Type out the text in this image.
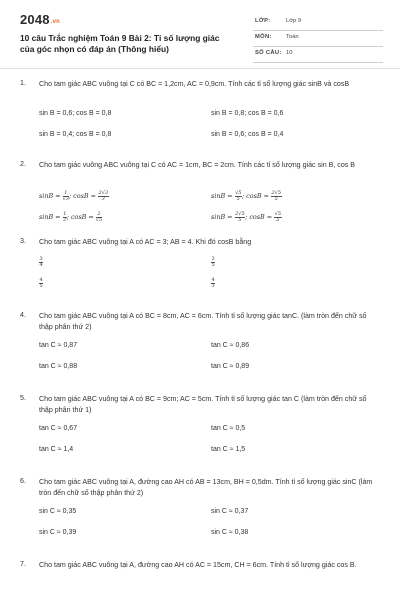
2048.vn
10 câu Trắc nghiệm Toán 9 Bài 2: Tỉ số lượng giác của góc nhọn có đáp án (Thông hiểu)
LỚP:	Lớp 9
MÔN: Toán
SỐ CÂU: 10
1. Cho tam giác ABC vuông tại C có BC = 1,2cm, AC = 0,9cm. Tính các tỉ số lượng giác sinB và cosB
sin B = 0,6; cos B = 0,8	sin B = 0,8; cos B = 0,6
sin B = 0,4; cos B = 0,8	sin B = 0,6; cos B = 0,4
2. Cho tam giác vuông ABC vuông tại C có AC = 1cm, BC = 2cm. Tính các tỉ số lượng giác sin B, cos B
$\sin B = \frac{1}{√3}$ ; $\cos B = \frac{2√3}{3}$	$\sin B = \frac{√5}{5}$ ; $\cos B = \frac{2√5}{5}$
$\sin B = \frac{1}{2}$ ; $\cos B = \frac{2}{√5}$	$\sin B = \frac{2√5}{5}$ ; $\cos B = \frac{√5}{5}$
3. Cho tam giác ABC vuông tại A có AC = 3; AB = 4. Khi đó cosB bằng
$\frac{3}{4}$	$\frac{3}{5}$
$\frac{4}{5}$	$\frac{4}{3}$
4. Cho tam giác ABC vuông tại A có BC = 8cm, AC = 6cm. Tính tỉ số lượng giác tanC. (làm tròn đến chữ số thập phân thứ 2)
tan C ≈ 0,87	tan C ≈ 0,86
tan C ≈ 0,88	tan C ≈ 0,89
5. Cho tam giác ABC vuông tại A có BC = 9cm; AC = 5cm. Tính tỉ số lượng giác tan C (làm tròn đến chữ số thập phân thứ 1)
tan C ≈ 0,67	tan C ≈ 0,5
tan C ≈ 1,4	tan C ≈ 1,5
6. Cho tam giác ABC vuông tại A, đường cao AH có AB = 13cm, BH = 0,5dm. Tính tỉ số lượng giác sinC (làm tròn đến chữ số thập phân thứ 2)
sin C ≈ 0,35	sin C ≈ 0,37
sin C ≈ 0,39	sin C ≈ 0,38
7. Cho tam giác ABC vuông tại A, đường cao AH có AC = 15cm, CH = 6cm. Tính tỉ số lượng giác cos B.
